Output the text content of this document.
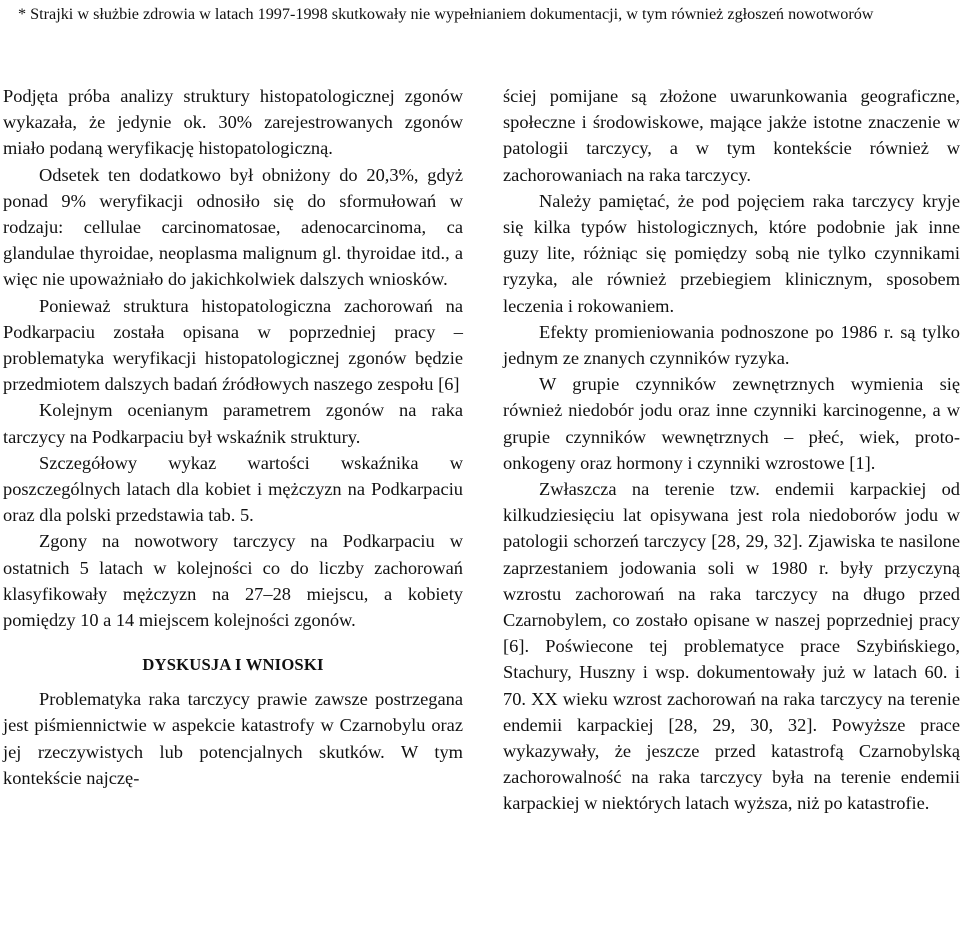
* Strajki w służbie zdrowia w latach 1997-1998 skutkowały nie wypełnianiem dokumentacji, w tym również zgłoszeń nowotworów

Podjęta próba analizy struktury histopatologicznej zgonów wykazała, że jedynie ok. 30% zarejestrowanych zgonów miało podaną weryfikację histopatologiczną.

Odsetek ten dodatkowo był obniżony do 20,3%, gdyż ponad 9% weryfikacji odnosiło się do sformułowań w rodzaju: cellulae carcinomatosae, adenocarcinoma, ca glandulae thyroidae, neoplasma malignum gl. thyroidae itd., a więc nie upoważniało do jakichkolwiek dalszych wniosków.

Ponieważ struktura histopatologiczna zachorowań na Podkarpaciu została opisana w poprzedniej pracy – problematyka weryfikacji histopatologicznej zgonów będzie przedmiotem dalszych badań źródłowych naszego zespołu [6]

Kolejnym ocenianym parametrem zgonów na raka tarczycy na Podkarpaciu był wskaźnik struktury.

Szczegółowy wykaz wartości wskaźnika w poszczególnych latach dla kobiet i mężczyzn na Podkarpaciu oraz dla polski przedstawia tab. 5.

Zgony na nowotwory tarczycy na Podkarpaciu w ostatnich 5 latach w kolejności co do liczby zachorowań klasyfikowały mężczyzn na 27–28 miejscu, a kobiety pomiędzy 10 a 14 miejscem kolejności zgonów.

DYSKUSJA I WNIOSKI

Problematyka raka tarczycy prawie zawsze postrzegana jest piśmiennictwie w aspekcie katastrofy w Czarnobylu oraz jej rzeczywistych lub potencjalnych skutków. W tym kontekście najczę-

ściej pomijane są złożone uwarunkowania geograficzne, społeczne i środowiskowe, mające jakże istotne znaczenie w patologii tarczycy, a w tym kontekście również w zachorowaniach na raka tarczycy.

Należy pamiętać, że pod pojęciem raka tarczycy kryje się kilka typów histologicznych, które podobnie jak inne guzy lite, różniąc się pomiędzy sobą nie tylko czynnikami ryzyka, ale również przebiegiem klinicznym, sposobem leczenia i rokowaniem.

Efekty promieniowania podnoszone po 1986 r. są tylko jednym ze znanych czynników ryzyka.

W grupie czynników zewnętrznych wymienia się również niedobór jodu oraz inne czynniki karcinogenne, a w grupie czynników wewnętrznych – płeć, wiek, proto- onkogeny oraz hormony i czynniki wzrostowe [1].

Zwłaszcza na terenie tzw. endemii karpackiej od kilkudziesięciu lat opisywana jest rola niedoborów jodu w patologii schorzeń tarczycy [28, 29, 32]. Zjawiska te nasilone zaprzestaniem jodowania soli w 1980 r. były przyczyną wzrostu zachorowań na raka tarczycy na długo przed Czarnobylem, co zostało opisane w naszej poprzedniej pracy [6]. Poświecone tej problematyce prace Szybińskiego, Stachury, Huszny i wsp. dokumentowały już w latach 60. i 70. XX wieku wzrost zachorowań na raka tarczycy na terenie endemii karpackiej [28, 29, 30, 32]. Powyższe prace wykazywały, że jeszcze przed katastrofą Czarnobylską zachorowalność na raka tarczycy była na terenie endemii karpackiej w niektórych latach wyższa, niż po katastrofie.
